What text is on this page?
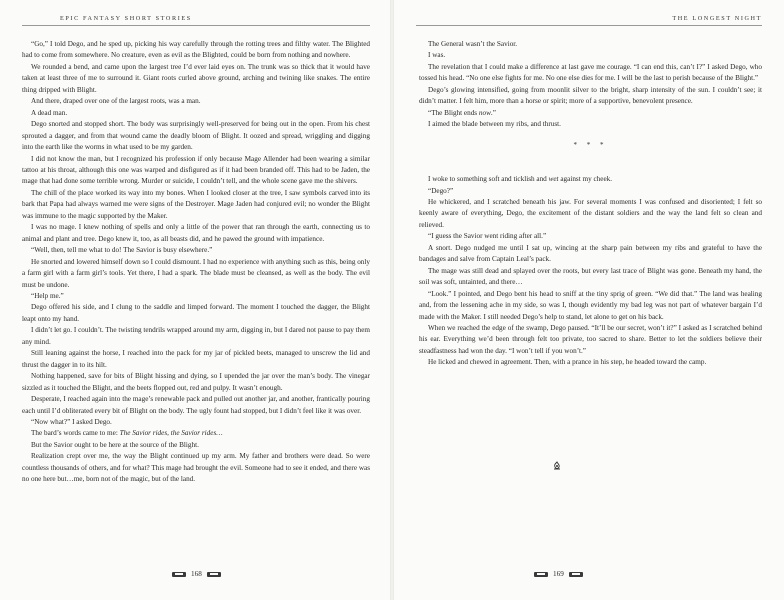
EPIC FANTASY SHORT STORIES

“Go,” I told Dego, and he sped up, picking his way carefully through the rotting trees and filthy water. The Blighted had to come from somewhere. No creature, even as evil as the Blighted, could be born from nothing and nowhere.

We rounded a bend, and came upon the largest tree I’d ever laid eyes on. The trunk was so thick that it would have taken at least three of me to surround it. Giant roots curled above ground, arching and twining like snakes. The entire thing dripped with Blight.

And there, draped over one of the largest roots, was a man.

A dead man.

Dego snorted and stopped short. The body was surprisingly well-preserved for being out in the open. From his chest sprouted a dagger, and from that wound came the deadly bloom of Blight. It oozed and spread, wriggling and digging into the earth like the worms in what used to be my garden.

I did not know the man, but I recognized his profession if only because Mage Allender had been wearing a similar tattoo at his throat, although this one was warped and disfigured as if it had been branded off. This had to be Jaden, the mage that had done some terrible wrong. Murder or suicide, I couldn’t tell, and the whole scene gave me the shivers.

The chill of the place worked its way into my bones. When I looked closer at the tree, I saw symbols carved into its bark that Papa had always warned me were signs of the Destroyer. Mage Jaden had conjured evil; no wonder the Blight was immune to the magic supported by the Maker.

I was no mage. I knew nothing of spells and only a little of the power that ran through the earth, connecting us to animal and plant and tree. Dego knew it, too, as all beasts did, and he pawed the ground with impatience.

“Well, then, tell me what to do! The Savior is busy elsewhere.”

He snorted and lowered himself down so I could dismount. I had no experience with anything such as this, being only a farm girl with a farm girl’s tools. Yet there, I had a spark. The blade must be cleansed, as well as the body. The evil must be undone.

“Help me.”

Dego offered his side, and I clung to the saddle and limped forward. The moment I touched the dagger, the Blight leapt onto my hand.

I didn’t let go. I couldn’t. The twisting tendrils wrapped around my arm, digging in, but I dared not pause to pay them any mind.

Still leaning against the horse, I reached into the pack for my jar of pickled beets, managed to unscrew the lid and thrust the dagger in to its hilt.

Nothing happened, save for bits of Blight hissing and dying, so I upended the jar over the man’s body. The vinegar sizzled as it touched the Blight, and the beets flopped out, red and pulpy. It wasn’t enough.

Desperate, I reached again into the mage’s renewable pack and pulled out another jar, and another, frantically pouring each until I’d obliterated every bit of Blight on the body. The ugly fount had stopped, but I didn’t feel like it was over.

“Now what?” I asked Dego.

The bard’s words came to me: The Savior rides, the Savior rides…

But the Savior ought to be here at the source of the Blight.

Realization crept over me, the way the Blight continued up my arm. My father and brothers were dead. So were countless thousands of others, and for what? This mage had brought the evil. Someone had to see it ended, and there was no one here but…me, born not of the magic, but of the land.

168
THE LONGEST NIGHT

The General wasn’t the Savior.

I was.

The revelation that I could make a difference at last gave me courage. “I can end this, can’t I?” I asked Dego, who tossed his head. “No one else fights for me. No one else dies for me. I will be the last to perish because of the Blight.”

Dego’s glowing intensified, going from moonlit silver to the bright, sharp intensity of the sun. I couldn’t see; it didn’t matter. I felt him, more than a horse or spirit; more of a supportive, benevolent presence.

“The Blight ends now.”

I aimed the blade between my ribs, and thrust.

* * *

I woke to something soft and ticklish and wet against my cheek.

“Dego?”

He whickered, and I scratched beneath his jaw. For several moments I was confused and disoriented; I felt so keenly aware of everything, Dego, the excitement of the distant soldiers and the way the land felt so clean and relieved.

“I guess the Savior went riding after all.”

A snort. Dego nudged me until I sat up, wincing at the sharp pain between my ribs and grateful to have the bandages and salve from Captain Leal’s pack.

The mage was still dead and splayed over the roots, but every last trace of Blight was gone. Beneath my hand, the soil was soft, untainted, and there…

“Look.” I pointed, and Dego bent his head to sniff at the tiny sprig of green. “We did that.” The land was healing and, from the lessening ache in my side, so was I, though evidently my bad leg was not part of whatever bargain I’d made with the Maker. I still needed Dego’s help to stand, let alone to get on his back.

When we reached the edge of the swamp, Dego paused. “It’ll be our secret, won’t it?” I asked as I scratched behind his ear. Everything we’d been through felt too private, too sacred to share. Better to let the soldiers believe their steadfastness had won the day. “I won’t tell if you won’t.”

He licked and chewed in agreement. Then, with a prance in his step, he headed toward the camp.

169
